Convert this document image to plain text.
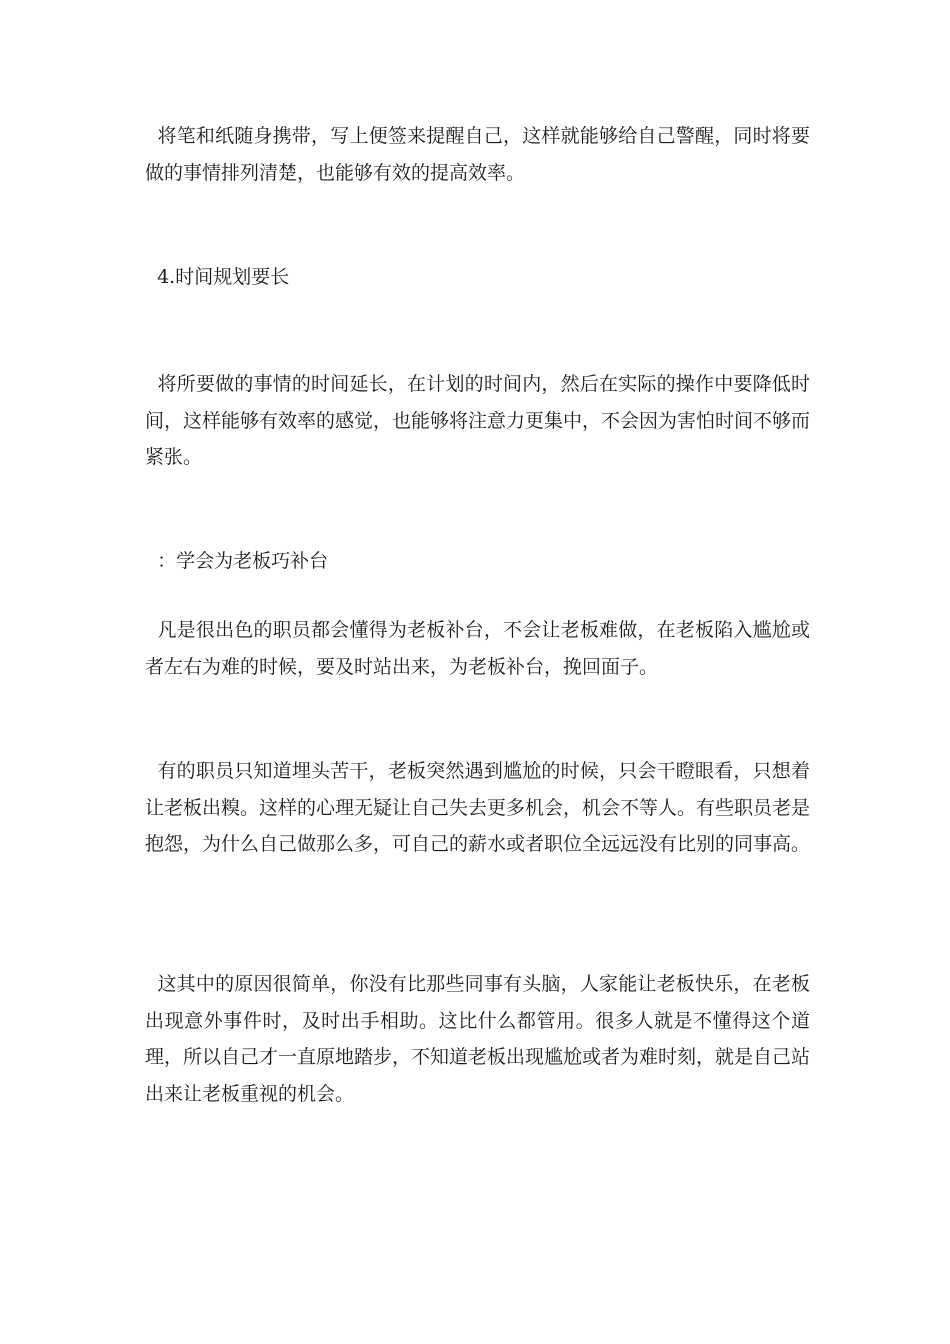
将笔和纸随身携带，写上便签来提醒自己，这样就能够给自己警醒，同时将要做的事情排列清楚，也能够有效的提高效率。

4.时间规划要长

将所要做的事情的时间延长，在计划的时间内，然后在实际的操作中要降低时间，这样能够有效率的感觉，也能够将注意力更集中，不会因为害怕时间不够而紧张。

：学会为老板巧补台

凡是很出色的职员都会懂得为老板补台，不会让老板难做，在老板陷入尴尬或者左右为难的时候，要及时站出来，为老板补台，挽回面子。

有的职员只知道埋头苦干，老板突然遇到尴尬的时候，只会干瞪眼看，只想着让老板出糗。这样的心理无疑让自己失去更多机会，机会不等人。有些职员老是抱怨，为什么自己做那么多，可自己的薪水或者职位全远远没有比别的同事高。

这其中的原因很简单，你没有比那些同事有头脑，人家能让老板快乐，在老板出现意外事件时，及时出手相助。这比什么都管用。很多人就是不懂得这个道理，所以自己才一直原地踏步，不知道老板出现尴尬或者为难时刻，就是自己站出来让老板重视的机会。
